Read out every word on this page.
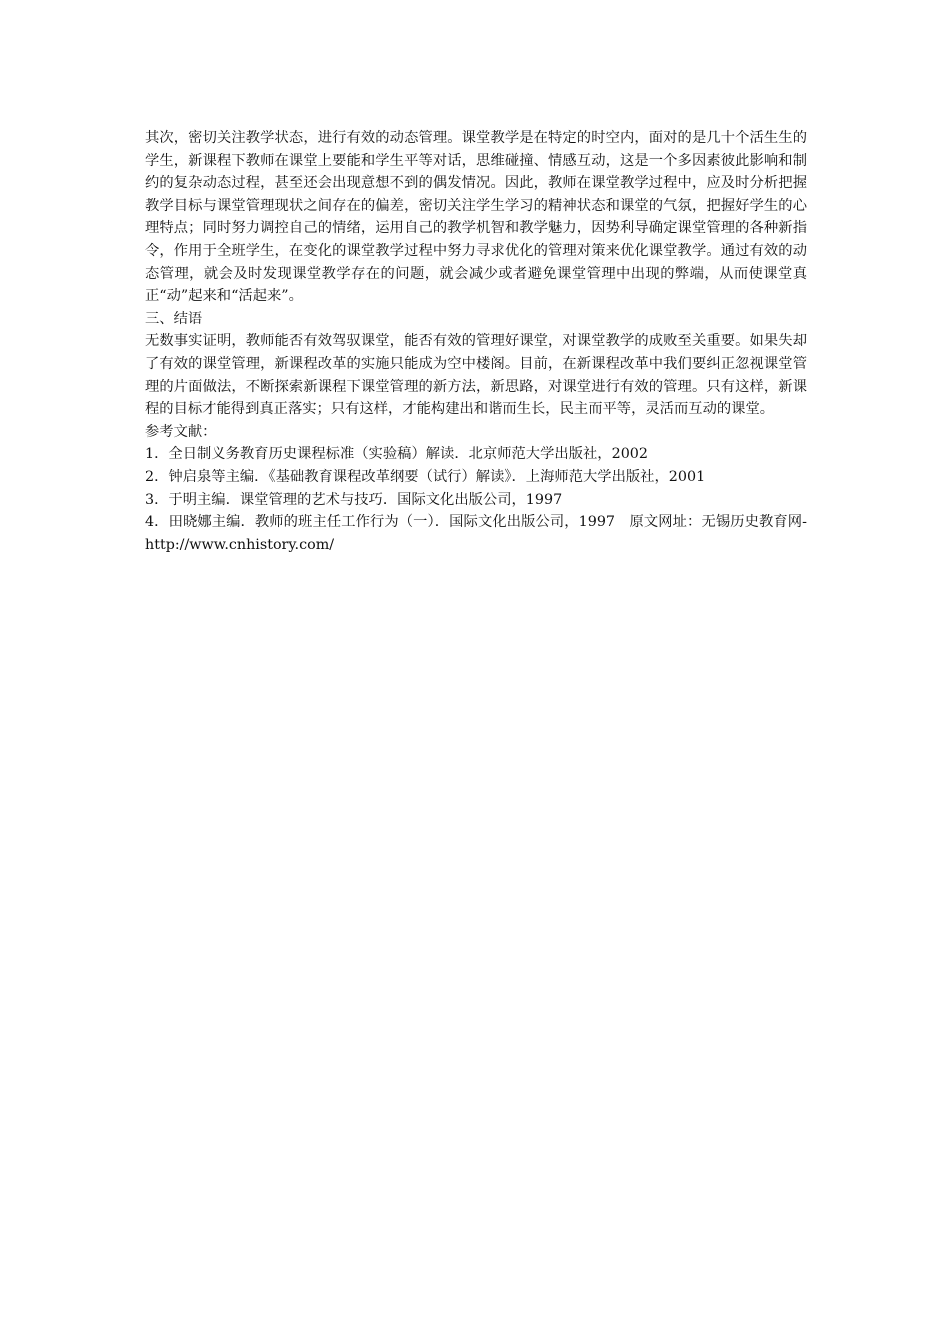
其次，密切关注教学状态，进行有效的动态管理。课堂教学是在特定的时空内，面对的是几十个活生生的学生，新课程下教师在课堂上要能和学生平等对话，思维碰撞、情感互动，这是一个多因素彼此影响和制约的复杂动态过程，甚至还会出现意想不到的偶发情况。因此，教师在课堂教学过程中，应及时分析把握教学目标与课堂管理现状之间存在的偏差，密切关注学生学习的精神状态和课堂的气氛，把握好学生的心理特点；同时努力调控自己的情绪，运用自己的教学机智和教学魅力，因势利导确定课堂管理的各种新指令，作用于全班学生，在变化的课堂教学过程中努力寻求优化的管理对策来优化课堂教学。通过有效的动态管理，就会及时发现课堂教学存在的问题，就会减少或者避免课堂管理中出现的弊端，从而使课堂真正“动”起来和“活起来”。

三、结语

无数事实证明，教师能否有效驾驭课堂，能否有效的管理好课堂，对课堂教学的成败至关重要。如果失却了有效的课堂管理，新课程改革的实施只能成为空中楼阁。目前，在新课程改革中我们要纠正忽视课堂管理的片面做法，不断探索新课程下课堂管理的新方法，新思路，对课堂进行有效的管理。只有这样，新课程的目标才能得到真正落实；只有这样，才能构建出和谐而生长，民主而平等，灵活而互动的课堂。

参考文献：

1．全日制义务教育历史课程标准（实验稿）解读．北京师范大学出版社，2002
2．钟启泉等主编．《基础教育课程改革纲要（试行）解读》．上海师范大学出版社，2001
3．于明主编．课堂管理的艺术与技巧．国际文化出版公司，1997
4．田晓娜主编．教师的班主任工作行为（一）．国际文化出版公司，1997　原文网址：无锡历史教育网-http://www.cnhistory.com/
